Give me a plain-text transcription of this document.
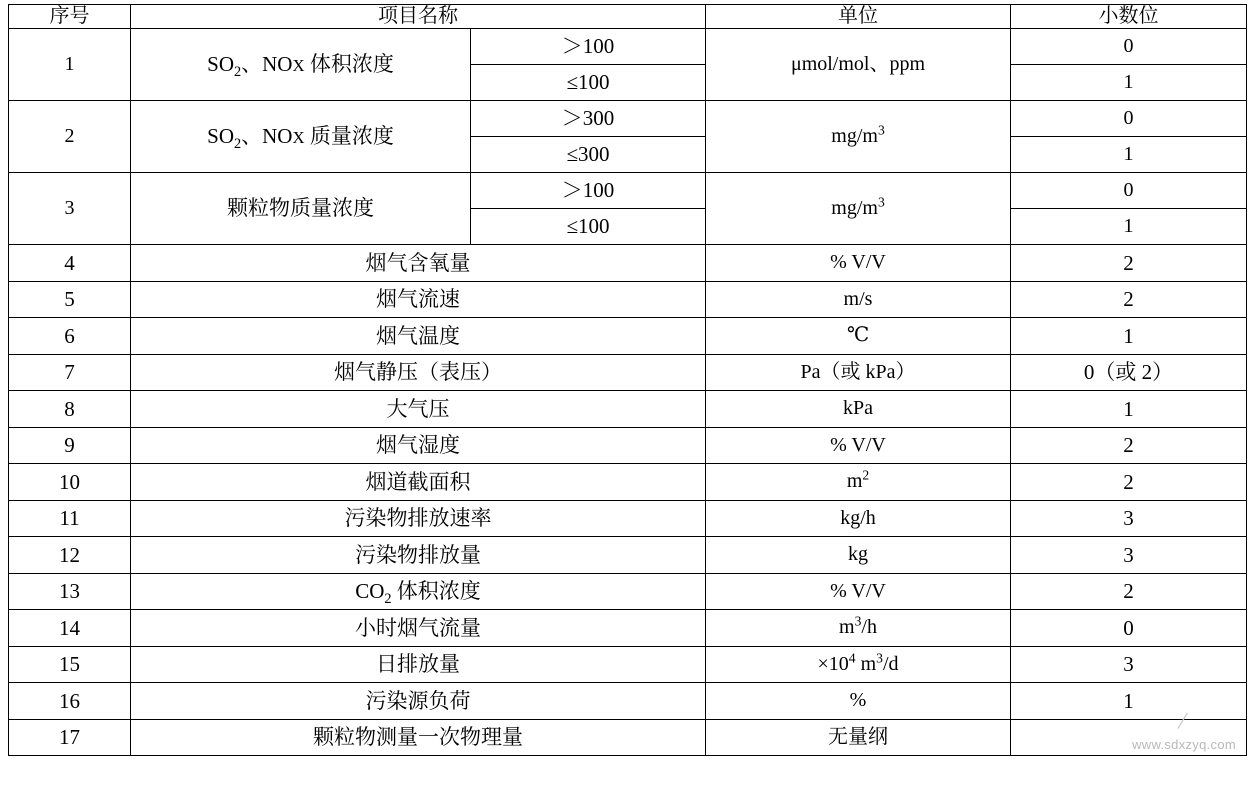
序号	项目名称		单位	小数位
1	$SO_2$、NOX 体积浓度	＞100	μmol/mol、ppm	0
		≤100		1
2	$SO_2$、NOX 质量浓度	＞300	$mg/m^3$	0
		≤300		1
3	颗粒物质量浓度	＞100	$mg/m^3$	0
		≤100		1
4	烟气含氧量		% V/V	2
5	烟气流速		m/s	2
6	烟气温度		℃	1
7	烟气静压（表压）		Pa（或 kPa）	0（或 2）
8	大气压		kPa	1
9	烟气湿度		% V/V	2
10	烟道截面积		$m^2$	2
11	污染物排放速率		kg/h	3
12	污染物排放量		kg	3
13	$CO_2$ 体积浓度		% V/V	2
14	小时烟气流量		$m^3/h$	0
15	日排放量		$\times 10^4$ $m^3/d$	3
16	污染源负荷		%	1
17	颗粒物测量一次物理量		无量纲	
/
www.sdxzyq.com
